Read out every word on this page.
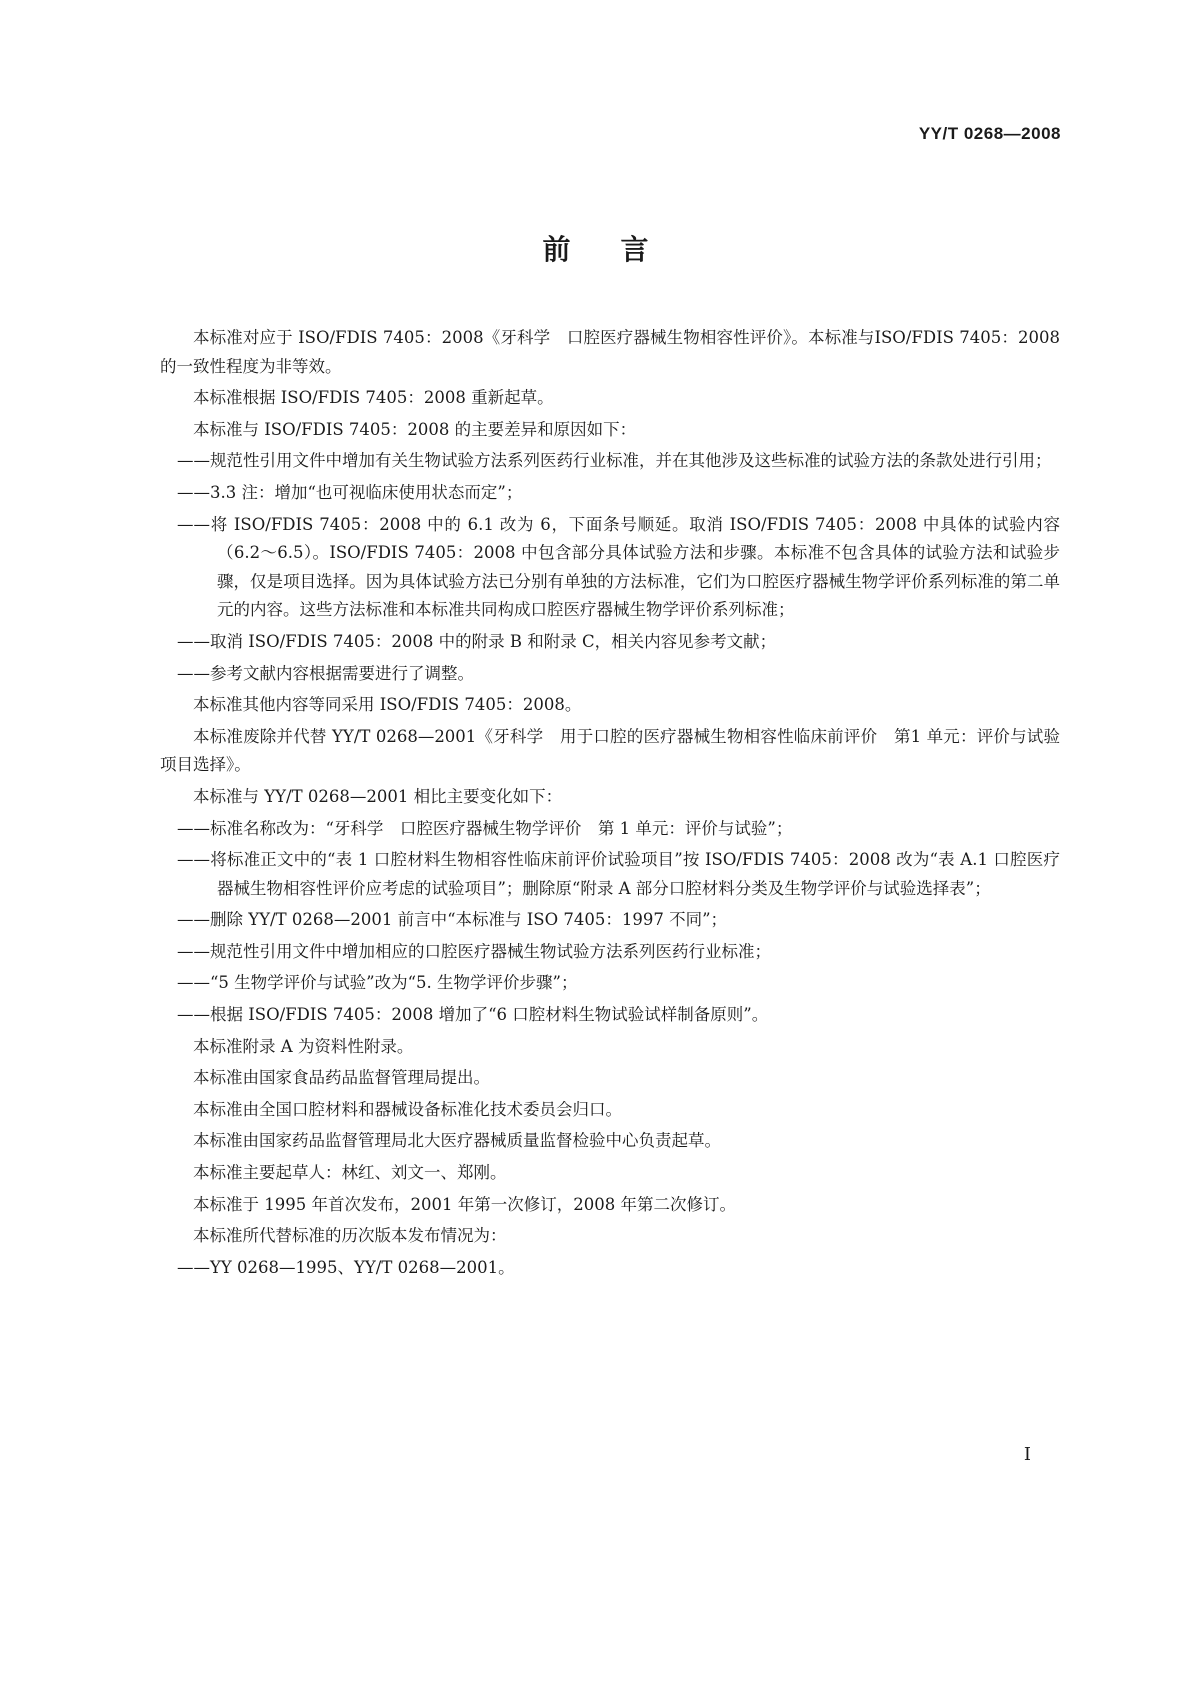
YY/T 0268—2008
前言

本标准对应于 ISO/FDIS 7405：2008《牙科学　口腔医疗器械生物相容性评价》。本标准与ISO/FDIS 7405：2008 的一致性程度为非等效。

本标准根据 ISO/FDIS 7405：2008 重新起草。

本标准与 ISO/FDIS 7405：2008 的主要差异和原因如下：

——规范性引用文件中增加有关生物试验方法系列医药行业标准，并在其他涉及这些标准的试验方法的条款处进行引用；

——3.3 注：增加“也可视临床使用状态而定”；

——将 ISO/FDIS 7405：2008 中的 6.1 改为 6，下面条号顺延。取消 ISO/FDIS 7405：2008 中具体的试验内容（6.2～6.5）。ISO/FDIS 7405：2008 中包含部分具体试验方法和步骤。本标准不包含具体的试验方法和试验步骤，仅是项目选择。因为具体试验方法已分别有单独的方法标准，它们为口腔医疗器械生物学评价系列标准的第二单元的内容。这些方法标准和本标准共同构成口腔医疗器械生物学评价系列标准；

——取消 ISO/FDIS 7405：2008 中的附录 B 和附录 C，相关内容见参考文献；

——参考文献内容根据需要进行了调整。

本标准其他内容等同采用 ISO/FDIS 7405：2008。

本标准废除并代替 YY/T 0268—2001《牙科学　用于口腔的医疗器械生物相容性临床前评价　第1 单元：评价与试验项目选择》。

本标准与 YY/T 0268—2001 相比主要变化如下：

——标准名称改为：“牙科学　口腔医疗器械生物学评价　第 1 单元：评价与试验”；

——将标准正文中的“表 1 口腔材料生物相容性临床前评价试验项目”按 ISO/FDIS 7405：2008 改为“表 A.1 口腔医疗器械生物相容性评价应考虑的试验项目”；删除原“附录 A 部分口腔材料分类及生物学评价与试验选择表”；

——删除 YY/T 0268—2001 前言中“本标准与 ISO 7405：1997 不同”；

——规范性引用文件中增加相应的口腔医疗器械生物试验方法系列医药行业标准；

——“5 生物学评价与试验”改为“5. 生物学评价步骤”；

——根据 ISO/FDIS 7405：2008 增加了“6 口腔材料生物试验试样制备原则”。

本标准附录 A 为资料性附录。

本标准由国家食品药品监督管理局提出。

本标准由全国口腔材料和器械设备标准化技术委员会归口。

本标准由国家药品监督管理局北大医疗器械质量监督检验中心负责起草。

本标准主要起草人：林红、刘文一、郑刚。

本标准于 1995 年首次发布，2001 年第一次修订，2008 年第二次修订。

本标准所代替标准的历次版本发布情况为：

——YY 0268—1995、YY/T 0268—2001。

I
